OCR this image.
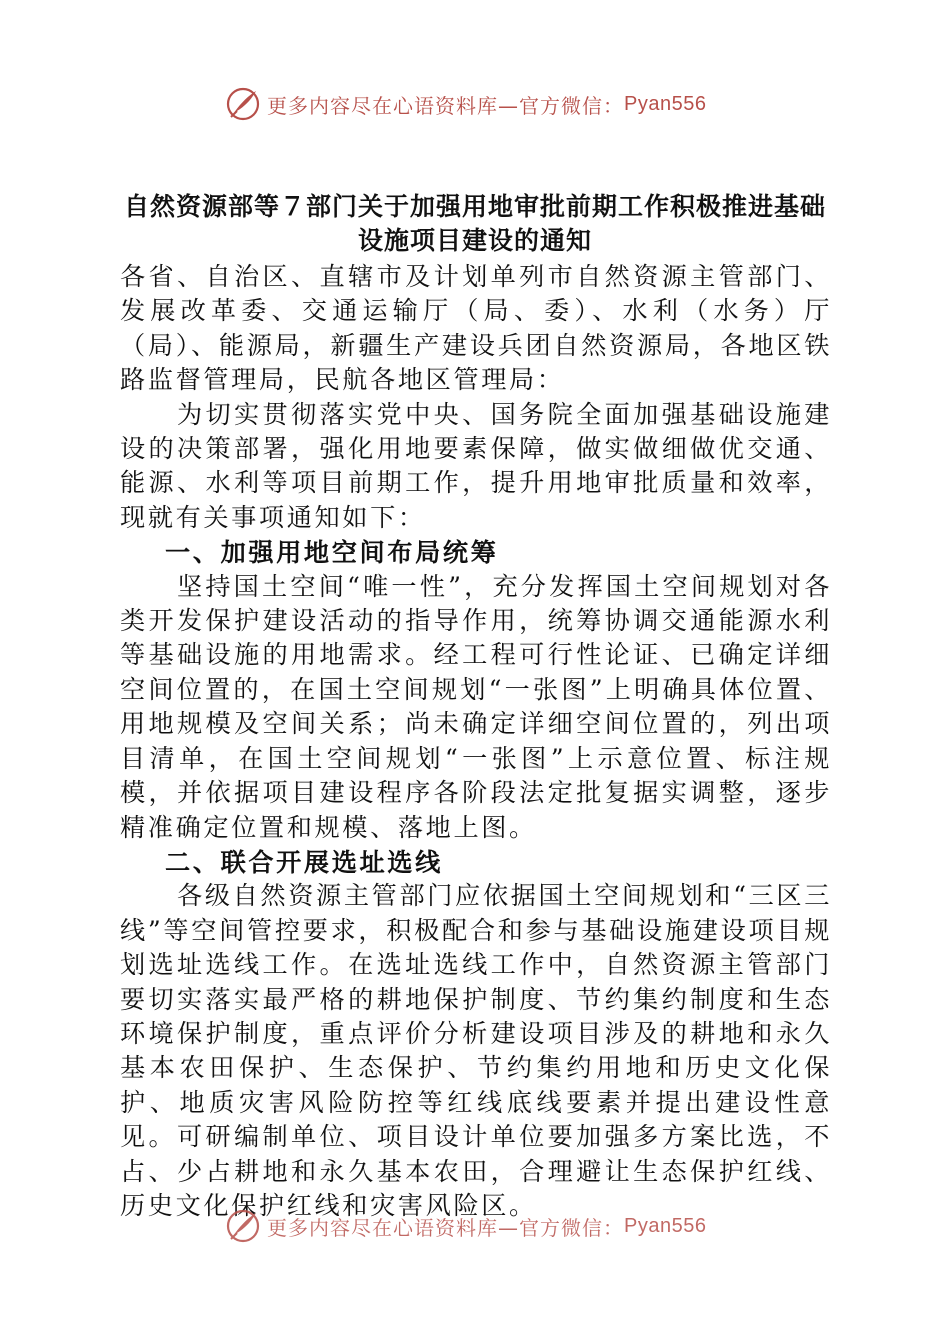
更多内容尽在心语资料库—官方微信： Pyan556
自然资源部等７部门关于加强用地审批前期工作积极推进基础
设施项目建设的通知

各省、自治区、直辖市及计划单列市自然资源主管部门、发展改革委、交通运输厅（局、委）、水利（水务）厅（局）、能源局，新疆生产建设兵团自然资源局，各地区铁路监督管理局，民航各地区管理局：

为切实贯彻落实党中央、国务院全面加强基础设施建设的决策部署，强化用地要素保障，做实做细做优交通、能源、水利等项目前期工作，提升用地审批质量和效率，现就有关事项通知如下：

一、加强用地空间布局统筹

坚持国土空间“唯一性”，充分发挥国土空间规划对各类开发保护建设活动的指导作用，统筹协调交通能源水利等基础设施的用地需求。经工程可行性论证、已确定详细空间位置的，在国土空间规划“一张图”上明确具体位置、用地规模及空间关系；尚未确定详细空间位置的，列出项目清单，在国土空间规划“一张图”上示意位置、标注规模，并依据项目建设程序各阶段法定批复据实调整，逐步精准确定位置和规模、落地上图。

二、联合开展选址选线

各级自然资源主管部门应依据国土空间规划和“三区三线”等空间管控要求，积极配合和参与基础设施建设项目规划选址选线工作。在选址选线工作中，自然资源主管部门要切实落实最严格的耕地保护制度、节约集约制度和生态环境保护制度，重点评价分析建设项目涉及的耕地和永久基本农田保护、生态保护、节约集约用地和历史文化保护、地质灾害风险防控等红线底线要素并提出建设性意见。可研编制单位、项目设计单位要加强多方案比选，不占、少占耕地和永久基本农田，合理避让生态保护红线、历史文化保护红线和灾害风险区。

更多内容尽在心语资料库—官方微信： Pyan556
